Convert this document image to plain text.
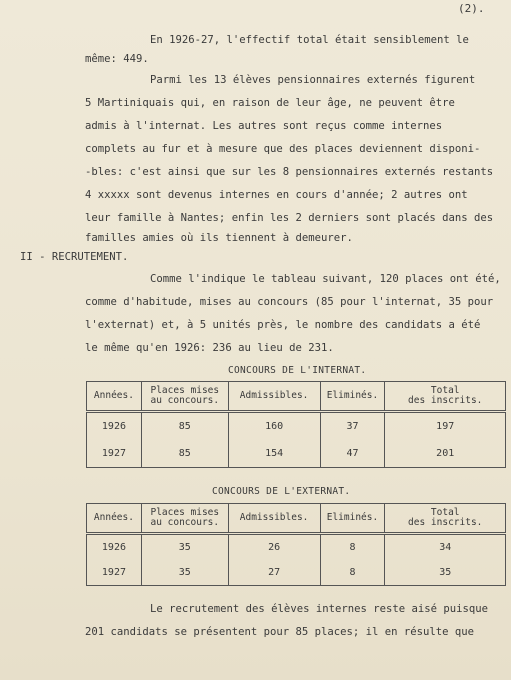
(2).
En 1926-27, l'effectif total était sensiblement le
même: 449.
Parmi les 13 élèves pensionnaires externés figurent
5 Martiniquais qui, en raison de leur âge, ne peuvent être
admis à l'internat. Les autres sont reçus comme internes
complets au fur et à mesure que des places deviennent disponi-
-bles: c'est ainsi que sur les 8 pensionnaires externés restants
4 xxxxx sont devenus internes en cours d'année; 2 autres ont
leur famille à Nantes; enfin les 2 derniers sont placés dans des
familles amies où ils tiennent à demeurer.
II - RECRUTEMENT.
Comme l'indique le tableau suivant, 120 places ont été,
comme d'habitude, mises au concours (85 pour l'internat, 35 pour
l'externat) et, à 5 unités près, le nombre des candidats a été
le même qu'en 1926: 236 au lieu de 231.
CONCOURS DE L'INTERNAT.
Années.	Places mises
au concours.	Admissibles.	Eliminés.	Total
des inscrits.
1926	85	160	37	197
1927	85	154	47	201
CONCOURS DE L'EXTERNAT.
Années.	Places mises
au concours.	Admissibles.	Eliminés.	Total
des inscrits.
1926	35	26	8	34
1927	35	27	8	35
Le recrutement des élèves internes reste aisé puisque
201 candidats se présentent pour 85 places; il en résulte que
